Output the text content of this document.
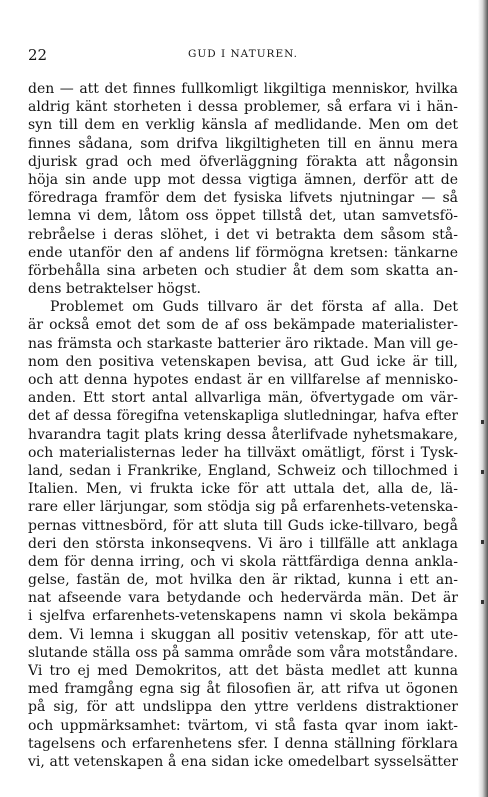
22	GUD I NATUREN.
den — att det finnes fullkomligt likgiltiga menniskor, hvilka
aldrig känt storheten i dessa problemer, så erfara vi i hän-
syn till dem en verklig känsla af medlidande. Men om det
finnes sådana, som drifva likgiltigheten till en ännu mera
djurisk grad och med öfverläggning förakta att någonsin
höja sin ande upp mot dessa vigtiga ämnen, derför att de
föredraga framför dem det fysiska lifvets njutningar — så
lemna vi dem, låtom oss öppet tillstå det, utan samvetsfö-
rebråelse i deras slöhet, i det vi betrakta dem såsom stå-
ende utanför den af andens lif förmögna kretsen: tänkarne
förbehålla sina arbeten och studier åt dem som skatta an-
dens betraktelser högst.
Problemet om Guds tillvaro är det första af alla. Det
är också emot det som de af oss bekämpade materialister-
nas främsta och starkaste batterier äro riktade. Man vill ge-
nom den positiva vetenskapen bevisa, att Gud icke är till,
och att denna hypotes endast är en villfarelse af mennisko-
anden. Ett stort antal allvarliga män, öfvertygade om vär-
det af dessa föregifna vetenskapliga slutledningar, hafva efter
hvarandra tagit plats kring dessa återlifvade nyhetsmakare,
och materialisternas leder ha tillväxt omätligt, först i Tysk-
land, sedan i Frankrike, England, Schweiz och tillochmed i
Italien. Men, vi frukta icke för att uttala det, alla de, lä-
rare eller lärjungar, som stödja sig på erfarenhets-vetenska-
pernas vittnesbörd, för att sluta till Guds icke-tillvaro, begå
deri den största inkonseqvens. Vi äro i tillfälle att anklaga
dem för denna irring, och vi skola rättfärdiga denna ankla-
gelse, fastän de, mot hvilka den är riktad, kunna i ett an-
nat afseende vara betydande och hedervärda män. Det är
i sjelfva erfarenhets-vetenskapens namn vi skola bekämpa
dem. Vi lemna i skuggan all positiv vetenskap, för att ute-
slutande ställa oss på samma område som våra motståndare.
Vi tro ej med Demokritos, att det bästa medlet att kunna
med framgång egna sig åt filosofien är, att rifva ut ögonen
på sig, för att undslippa den yttre verldens distraktioner
och uppmärksamhet: tvärtom, vi stå fasta qvar inom iakt-
tagelsens och erfarenhetens sfer. I denna ställning förklara
vi, att vetenskapen å ena sidan icke omedelbart sysselsätter
